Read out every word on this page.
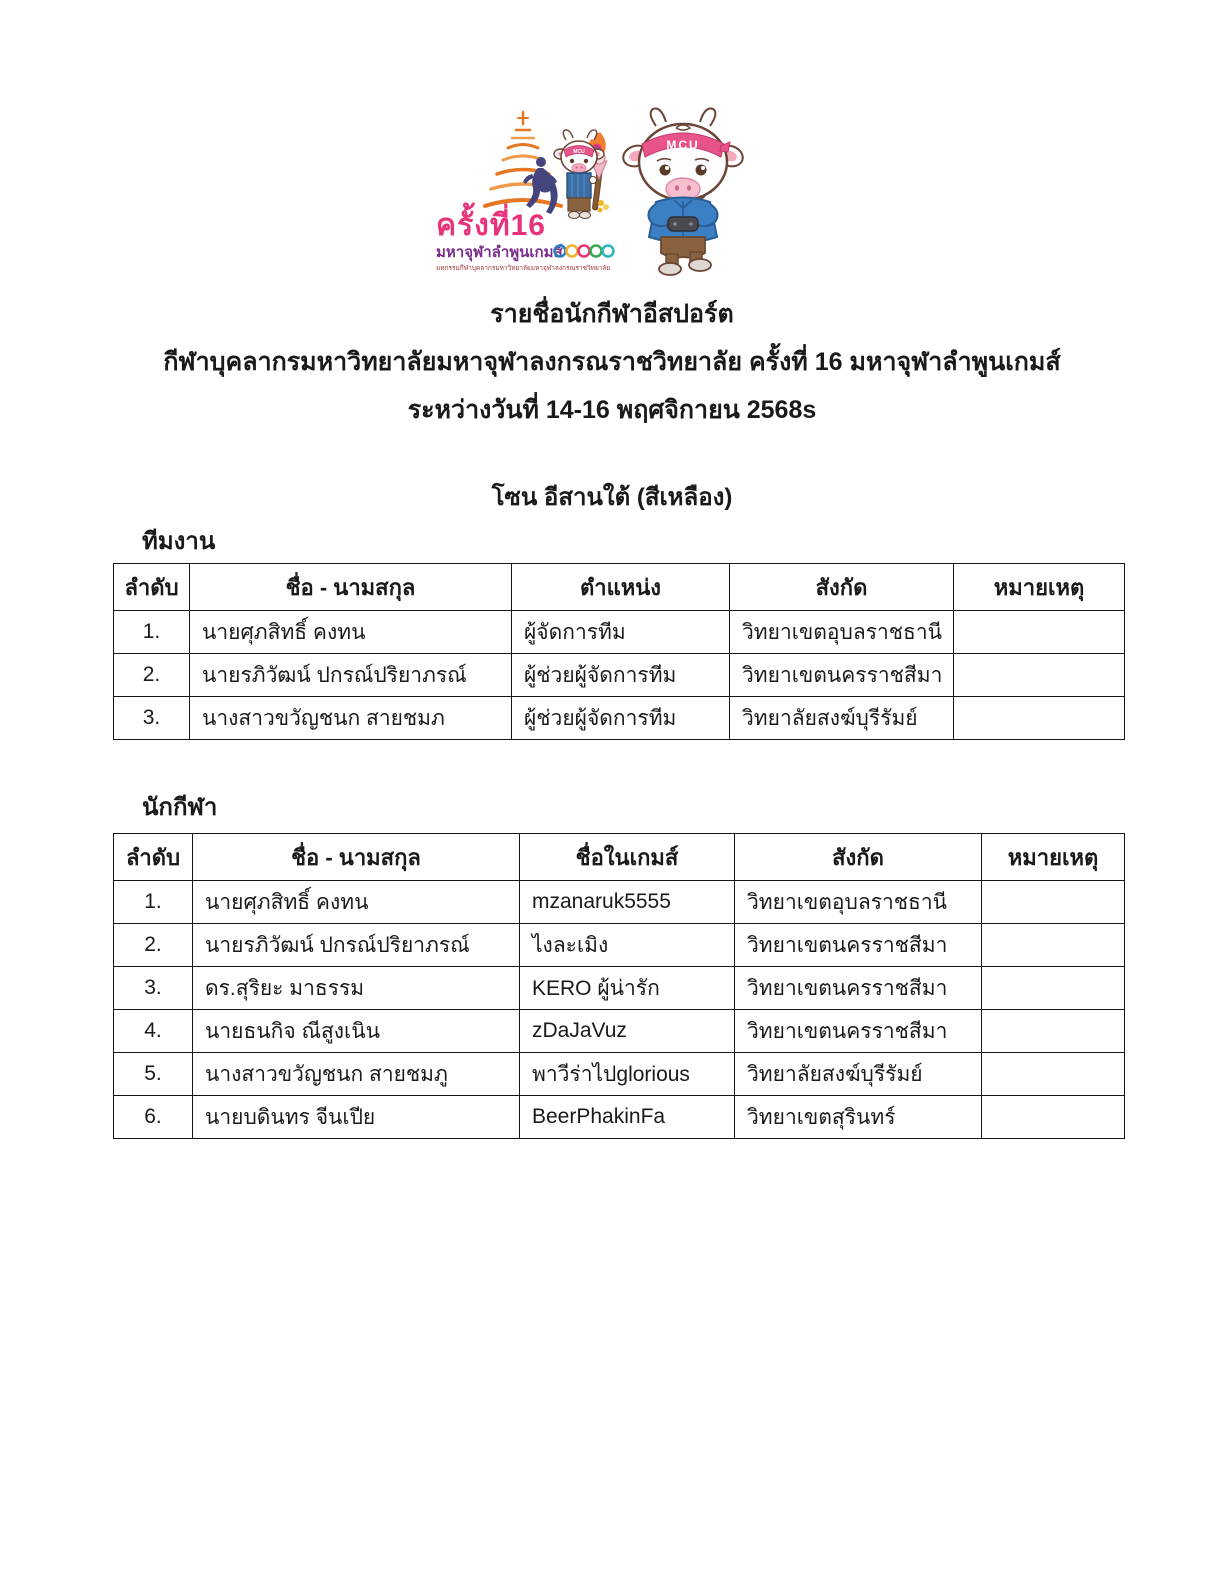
MCU
ครั้งที่16
มหาจุฬาลำพูนเกมส์
มหกรรมกีฬาบุคลากรมหาวิทยาลัยมหาจุฬาลงกรณราชวิทยาลัย
MCU
รายชื่อนักกีฬาอีสปอร์ต
กีฬาบุคลากรมหาวิทยาลัยมหาจุฬาลงกรณราชวิทยาลัย ครั้งที่ 16 มหาจุฬาลำพูนเกมส์
ระหว่างวันที่ 14-16 พฤศจิกายน 2568s
โซน อีสานใต้ (สีเหลือง)
ทีมงาน
ลำดับ	ชื่อ - นามสกุล	ตำแหน่ง	สังกัด	หมายเหตุ
1.	นายศุภสิทธิ์ คงทน	ผู้จัดการทีม	วิทยาเขตอุบลราชธานี	
2.	นายรภิวัฒน์ ปกรณ์ปริยาภรณ์	ผู้ช่วยผู้จัดการทีม	วิทยาเขตนครราชสีมา	
3.	นางสาวขวัญชนก สายชมภ	ผู้ช่วยผู้จัดการทีม	วิทยาลัยสงฆ์บุรีรัมย์	
นักกีฬา
ลำดับ	ชื่อ - นามสกุล	ชื่อในเกมส์	สังกัด	หมายเหตุ
1.	นายศุภสิทธิ์ คงทน	mzanaruk5555	วิทยาเขตอุบลราชธานี	
2.	นายรภิวัฒน์ ปกรณ์ปริยาภรณ์	ไงละเมิง	วิทยาเขตนครราชสีมา	
3.	ดร.สุริยะ มาธรรม	KERO ผู้น่ารัก	วิทยาเขตนครราชสีมา	
4.	นายธนกิจ ณีสูงเนิน	zDaJaVuz	วิทยาเขตนครราชสีมา	
5.	นางสาวขวัญชนก สายชมภู	พาวีร่าไปglorious	วิทยาลัยสงฆ์บุรีรัมย์	
6.	นายบดินทร จีนเปีย	BeerPhakinFa	วิทยาเขตสุรินทร์	
